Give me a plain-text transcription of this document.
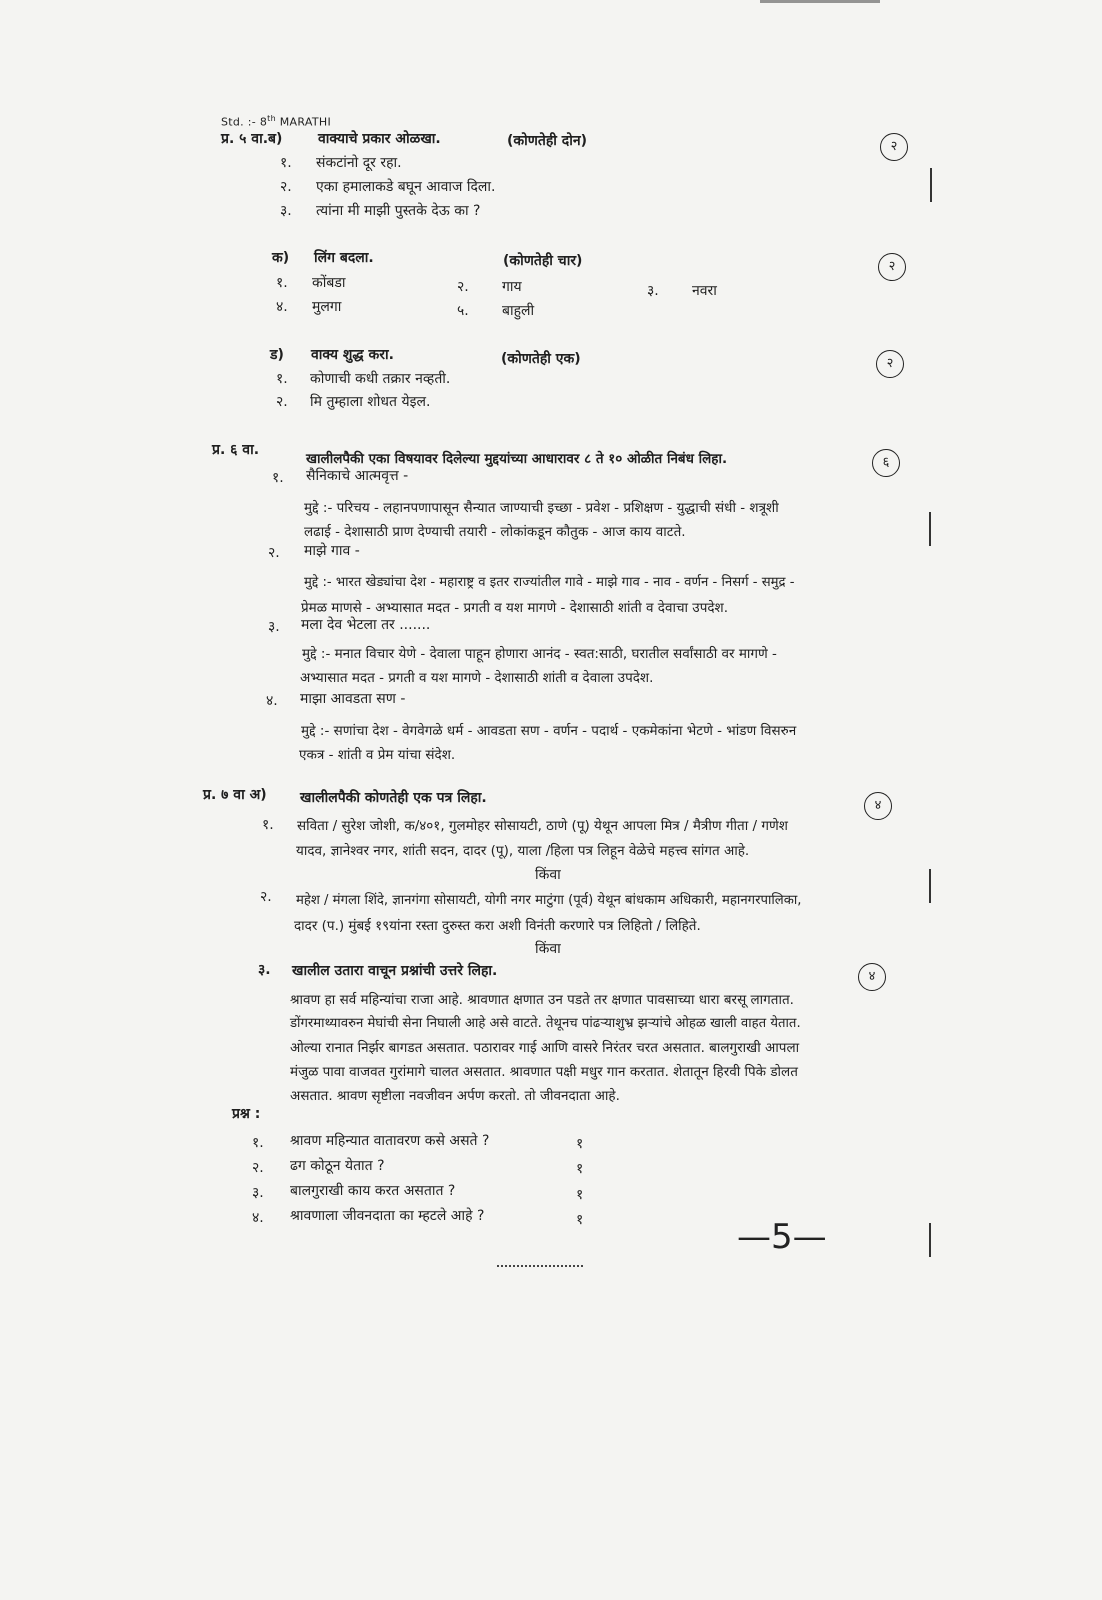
Std. :- 8th MARATHI
प्र. ५ वा.ब)	वाक्याचे प्रकार ओळखा.	(कोणतेही दोन)	२
१. संकटांनो दूर रहा.
२. एका हमालाकडे बघून आवाज दिला.
३. त्यांना मी माझी पुस्तके देऊ का ?
क) लिंग बदला.	(कोणतेही चार)	२
१. कोंबडा	२. गाय	३. नवरा
४. मुलगा	५. बाहुली
ड) वाक्य शुद्ध करा.	(कोणतेही एक)	२
१. कोणाची कधी तक्रार नव्हती.
२. मि तुम्हाला शोधत येइल.
प्र. ६ वा.
खालीलपैकी एका विषयावर दिलेल्या मुद्दयांच्या आधारावर ८ ते १० ओळीत निबंध लिहा.	६
१. सैनिकाचे आत्मवृत्त -
मुद्दे :- परिचय - लहानपणापासून सैन्यात जाण्याची इच्छा - प्रवेश - प्रशिक्षण - युद्धाची संधी - शत्रूशी
लढाई - देशासाठी प्राण देण्याची तयारी - लोकांकडून कौतुक - आज काय वाटते.
२. माझे गाव -
मुद्दे :- भारत खेड्यांचा देश - महाराष्ट्र व इतर राज्यांतील गावे - माझे गाव - नाव - वर्णन - निसर्ग - समुद्र -
प्रेमळ माणसे - अभ्यासात मदत - प्रगती व यश मागणे - देशासाठी शांती व देवाचा उपदेश.
३. मला देव भेटला तर .......
मुद्दे :- मनात विचार येणे - देवाला पाहून होणारा आनंद - स्वत:साठी, घरातील सर्वांसाठी वर मागणे -
अभ्यासात मदत - प्रगती व यश मागणे - देशासाठी शांती व देवाला उपदेश.
४. माझा आवडता सण -
मुद्दे :- सणांचा देश - वेगवेगळे धर्म - आवडता सण - वर्णन - पदार्थ - एकमेकांना भेटणे - भांडण विसरुन
एकत्र - शांती व प्रेम यांचा संदेश.
प्र. ७ वा अ) खालीलपैकी कोणतेही एक पत्र लिहा.	४
१. सविता / सुरेश जोशी, क/४०१, गुलमोहर सोसायटी, ठाणे (पू) येथून आपला मित्र / मैत्रीण गीता / गणेश
यादव, ज्ञानेश्वर नगर, शांती सदन, दादर (पू), याला /हिला पत्र लिहून वेळेचे महत्त्व सांगत आहे.
किंवा
२. महेश / मंगला शिंदे, ज्ञानगंगा सोसायटी, योगी नगर माटुंगा (पूर्व) येथून बांधकाम अधिकारी, महानगरपालिका,
दादर (प.) मुंबई १९यांना रस्ता दुरुस्त करा अशी विनंती करणारे पत्र लिहितो / लिहिते.
किंवा
३. खालील उतारा वाचून प्रश्नांची उत्तरे लिहा.	४
श्रावण हा सर्व महिन्यांचा राजा आहे. श्रावणात क्षणात उन पडते तर क्षणात पावसाच्या धारा बरसू लागतात.
डोंगरमाथ्यावरुन मेघांची सेना निघाली आहे असे वाटते. तेथूनच पांढऱ्याशुभ्र झऱ्यांचे ओहळ खाली वाहत येतात.
ओल्या रानात निर्झर बागडत असतात. पठारावर गाई आणि वासरे निरंतर चरत असतात. बालगुराखी आपला
मंजुळ पावा वाजवत गुरांमागे चालत असतात. श्रावणात पक्षी मधुर गान करतात. शेतातून हिरवी पिके डोलत
असतात. श्रावण सृष्टीला नवजीवन अर्पण करतो. तो जीवनदाता आहे.
प्रश्न :
१. श्रावण महिन्यात वातावरण कसे असते ?	१
२. ढग कोठून येतात ?	१
३. बालगुराखी काय करत असतात ?	१
४. श्रावणाला जीवनदाता का म्हटले आहे ?	१	—5—
